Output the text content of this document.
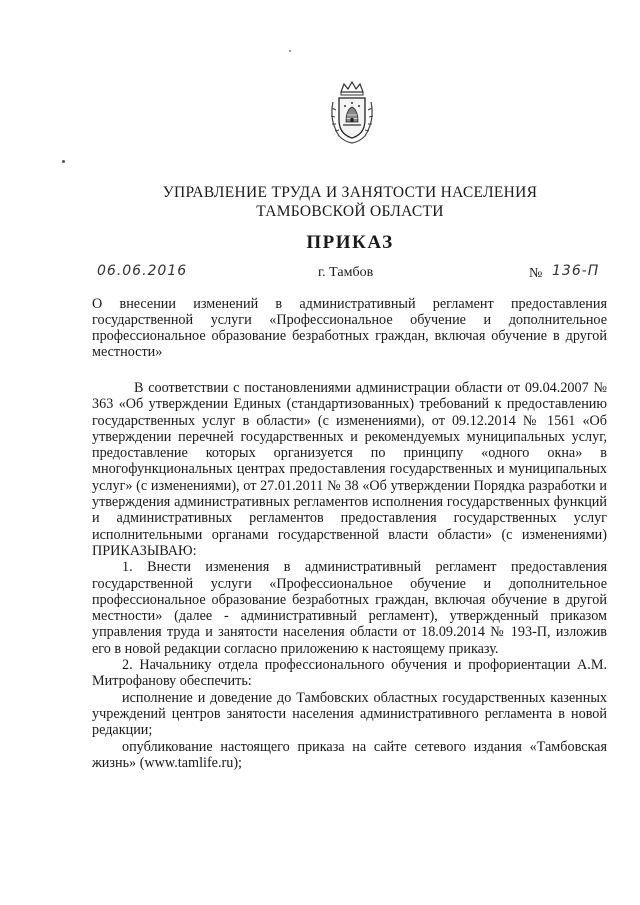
УПРАВЛЕНИЕ ТРУДА И ЗАНЯТОСТИ НАСЕЛЕНИЯ
ТАМБОВСКОЙ ОБЛАСТИ
ПРИКАЗ
06.06.2016	г. Тамбов	№ 136-П
О внесении изменений в административный регламент предоставления государственной услуги «Профессиональное обучение и дополнительное профессиональное образование безработных граждан, включая обучение в другой местности»

В соответствии с постановлениями администрации области от 09.04.2007 № 363 «Об утверждении Единых (стандартизованных) требований к предоставлению государственных услуг в области» (с изменениями), от 09.12.2014 № 1561 «Об утверждении перечней государственных и рекомендуемых муниципальных услуг, предоставление которых организуется по принципу «одного окна» в многофункциональных центрах предоставления государственных и муниципальных услуг» (с изменениями), от 27.01.2011 № 38 «Об утверждении Порядка разработки и утверждения административных регламентов исполнения государственных функций и административных регламентов предоставления государственных услуг исполнительными органами государственной власти области» (с изменениями) ПРИКАЗЫВАЮ:

1. Внести изменения в административный регламент предоставления государственной услуги «Профессиональное обучение и дополнительное профессиональное образование безработных граждан, включая обучение в другой местности» (далее - административный регламент), утвержденный приказом управления труда и занятости населения области от 18.09.2014 № 193-П, изложив его в новой редакции согласно приложению к настоящему приказу.

2. Начальнику отдела профессионального обучения и профориентации А.М. Митрофанову обеспечить:

исполнение и доведение до Тамбовских областных государственных казенных учреждений центров занятости населения административного регламента в новой редакции;

опубликование настоящего приказа на сайте сетевого издания «Тамбовская жизнь» (www.tamlife.ru);
